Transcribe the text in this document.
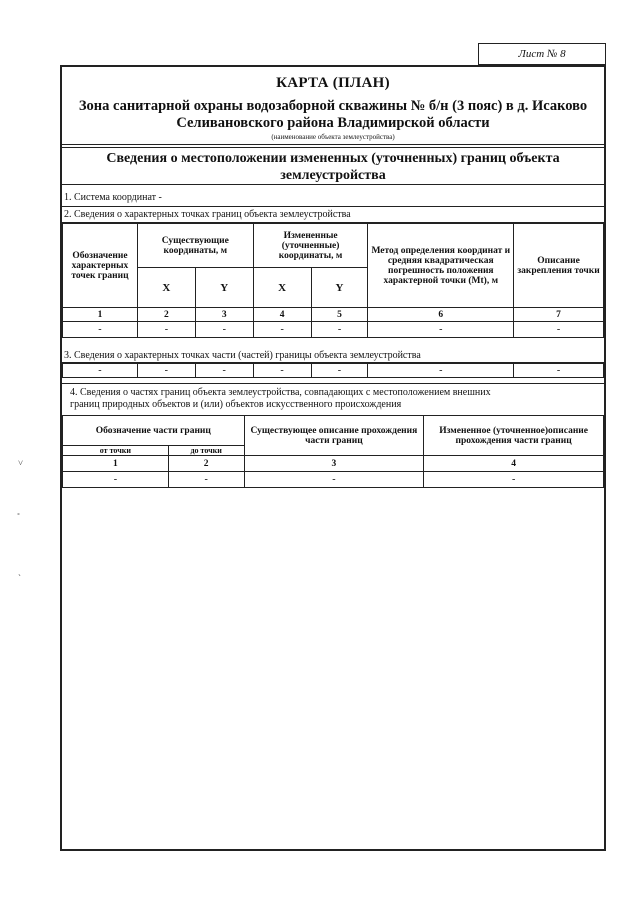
Лист № 8
˅
˚
ˏ
КАРТА (ПЛАН)
Зона санитарной охраны водозаборной скважины № б/н (3 пояс) в д. Исаково
Селивановского района Владимирской области
(наименование объекта землеустройства)
Сведения о местоположении измененных (уточненных) границ объекта
землеустройства
1. Система координат -
2. Сведения о характерных точках границ объекта землеустройства
Обозначение характерных точек границ	Существующие координаты, м		Измененные (уточненные) координаты, м		Метод определения координат и средняя квадратическая погрешность положения характерной точки (Mt), м	Описание закрепления точки
	X	Y	X	Y		
1	2	3	4	5	6	7
-	-	-	-	-	-	-
3. Сведения о характерных точках части (частей) границы объекта землеустройства
-	-	-	-	-	-	-
4. Сведения о частях границ объекта землеустройства, совпадающих с местоположением внешних
границ природных объектов и (или) объектов искусственного происхождения
Обозначение части границ		Существующее описание прохождения части границ	Измененное (уточненное)описание прохождения части границ
от точки	до точки		
1	2	3	4
-	-	-	-
